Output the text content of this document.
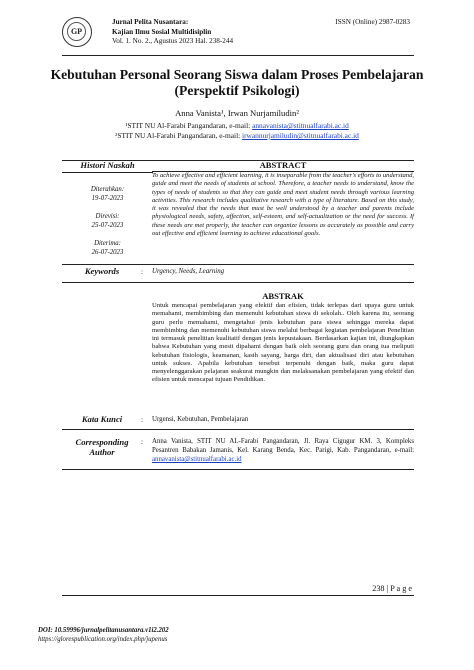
GP
Jurnal Pelita Nusantara:
Kajian Ilmu Sosial Multidisiplin
Vol. 1. No. 2., Agustus 2023 Hal. 238-244
ISSN (Online) 2987-0283
Kebutuhan Personal Seorang Siswa dalam Proses Pembelajaran
(Perspektif Psikologi)
Anna Vanista¹, Irwan Nurjamiludin²
¹STIT NU Al-Farabi Pangandaran, e-mail: annavanista@stitnualfarabi.ac.id
²STIT NU Al-Farabi Pangandaran, e-mail: irwannurjamiludin@stitnualfarabi.ac.id
Histori Naskah
Diterahkan:
19-07-2023
Direvisi:
25-07-2023
Diterima:
26-07-2023
ABSTRACT
To achieve effective and efficient learning, it is inseparable from the teacher's efforts to understand, guide and meet the needs of students at school. Therefore, a teacher needs to understand, know the types of needs of students so that they can guide and meet student needs through various learning activities. This research includes qualitative research with a type of literature. Based on this study, it was revealed that the needs that must be well understood by a teacher and parents include physiological needs, safety, affection, self-esteem, and self-actualization or the need for success. If these needs are met properly, the teacher can organize lessons as accurately as possible and carry out effective and efficient learning to achieve educational goals.
Keywords	: Urgency, Needs, Learning
ABSTRAK
Untuk mencapai pembelajaran yang efektif dan efisien, tidak terlepas dari upaya guru untuk memahami, membimbing dan memenuhi kebutuhan siswa di sekolah.. Oleh karena itu, seorang guru perlu memahami, mengetahui jenis kebutuhan para siswa sehingga mereka dapat membimbing dan memenuhi kebutuhan siswa melalui berbagai kegiatan pembelajaran Penelitian ini termasuk penelitian kualitatif dengan jenis kepustakaan. Berdasarkan kajian ini, diungkapkan bahwa Kebutuhan yang mesti dipahami dengan baik oleh seorang guru dan orang tua meliputi kebutuhan fisiologis, keamanan, kasih sayang, harga diri, dan aktualisasi diri atau kebutuhan untuk sukses. Apabila kebutuhan tersebut terpenuhi dengan baik, maka guru dapat menyelenggarakan pelajaran seakurat mungkin dan melaksanakan pembelajaran yang efektif dan efisien untuk mencapai tujuan Pendidikan.
Kata Kunci	: Urgensi, Kebutuhan, Pembelajaran
Corresponding
Author
: Anna Vanista, STIT NU AL-Farabi Pangandaran, Jl. Raya Cigugur KM. 3, Kompleks Pesantren Babakan Jamanis, Kel. Karang Benda, Kec. Parigi, Kab. Pangandaran, e-mail: annavanista@stitnualfarabi.ac.id
238 | P a g e
DOI: 10.59996/jurnalpelitanusantara.v1i2.202
https://glorespublication.org/index.php/jupenus
